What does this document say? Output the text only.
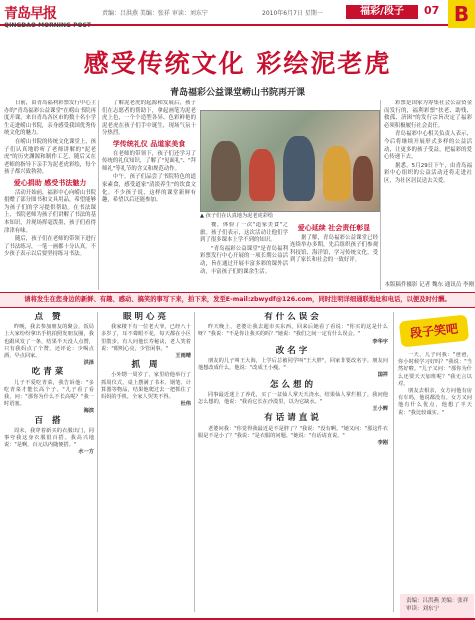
青岛早报
QINGDAO MORNING POST
责编：吕洪燕 美编：张祥 审读：刘东宁	2010年6月7日 星期一	福彩/段子	07 B
感受传统文化 彩绘泥老虎
青岛福彩公益课堂崂山书院再开课

日前，由青岛福利彩票发行中心主办的"青岛福彩公益课堂"在崂山书院再度开课，来自青岛各区市的数十名小学生走进崂山书院，亲身感受我国优秀传统文化的魅力。

在崂山书院的传统文化课堂上，孩子们认真地聆听了老师讲解的"泥老虎"的历史渊源和制作工艺，随后又在老师的指导下亲手为泥老虎彩绘，每个孩子都兴致勃勃。

爱心捐助 感受书法魅力

活动开始前，福彩中心向崂山书院捐赠了部分图书和文具用品，希望能够为孩子们的学习提供帮助。在书法课上，书院老师为孩子们讲解了书法的基本知识，并现场挥毫泼墨，孩子们看得津津有味。

随后，孩子们在老师的带领下进行了书法练习，一笔一画都十分认真，不少孩子表示以后要坚持练习书法。

了解泥老虎的起源和发展后，孩子们在志愿者的帮助下，拿起画笔为泥老虎上色，一个个造型各异、色彩鲜艳的泥老虎在孩子们手中诞生，现场气氛十分热烈。

学传统礼仪 品道家美食

在老师的带领下，孩子们还学习了传统的礼仪知识，了解了"见面礼"、"拜师礼"等礼节的含义和规范动作。

中午，孩子们品尝了书院特色的道家素食，感受道家"清淡养生"的饮食文化。不少孩子说，这样的课堂新鲜有趣，希望以后还能参加。

▲ 孩子们在认真地为泥老虎彩绘

餐，体验了一次"道家美食"之旅。孩子们表示，这次活动让他们学到了很多课本上学不到的知识。

"青岛福彩公益课堂"是青岛福利彩票发行中心开展的一项长期公益活动，旨在通过开展丰富多彩的课外活动，丰富孩子们的课余生活。

爱心延续 社会责任彰显

据了解，青岛福彩公益课堂已经连续举办多期，先后组织孩子们参观科技馆、海洋馆，学习传统文化，受到了家长和社会的一致好评。

彩票是国家为筹集社会公益资金而发行的，福利彩票"扶老、助残、救孤、济困"的发行宗旨决定了福彩必须积极履行社会责任。

青岛福彩中心相关负责人表示，今后将继续开展形式多样的公益活动，让更多的孩子受益，把福彩的爱心传递下去。

据悉，5月29日下午，由青岛福彩中心组织的公益活动还将走进社区，为社区居民送去关爱。

本版稿件摄影 记者 魏东 通讯员 李刚
请将发生在您身边的新鲜、有趣、感动、搞笑的事写下来，拍下来，发至E-mail:zbwydf@126.com，同时注明详细通联地址和电话，以便及时付酬。
点 赞

昨晚，我去参加朋友的聚会，饭局上大家纷纷拿出手机拍照发朋友圈，我也跟风发了一条，结果半天没人点赞，只有我妈点了个赞，还评论：少喝点酒，早点回家。

洪泽

吃青菜

儿子不爱吃青菜，我告诉他："多吃青菜才能长高个子。"儿子看了看我，问："那你为什么不长高呢？"我一时语塞。

海滨

百 搭

周末，我穿着新买的衣服出门，同事夸我这身衣服很百搭。我高兴地说："是啊，百元以内随便搭。"

水一方

眼明心亮

我家楼下有一位老大爷，已经八十多岁了，耳不聋眼不花，每天都在小区里散步。有人问他长寿秘诀，老人笑着说："眼明心亮，少管闲事。"

王雨晴

抓 周

小外甥一周岁了，家里给他举行了抓周仪式，桌上摆满了书本、钢笔、计算器等物品，结果他爬过去一把抓住了妈妈的手机，全家人哭笑不得。

杜伟

有什么误会

昨天晚上，老婆让我去超市买东西，回来后她看了看说："你买的这是什么呀？"我说："不是你让我买的吗？"她说："我们之间一定有什么误会。"

李华宇

改名字

朋友的儿子叫王大海，上学后总被同学叫"王大胖"，回家非要改名字。朋友问他想改成什么，他说："改成王小瘦。"

国祥

怎么想的

同事最近迷上了养花，买了一盆仙人掌天天浇水，结果仙人掌烂根了。我问他怎么想的，他说："我看它长在沙漠里，以为它缺水。"

王小辉

有话请直说

老婆问我："你觉得我最近是不是胖了？"我说："没有啊。"她又问："那这件衣服是不是小了？"我说："是衣服的问题。"她说："有话请直说。"

李刚

段子笑吧

一天，儿子问我："爸爸，你小时候学习好吗？"我说："当然好啦。"儿子又问："那你为什么还要天天加班呢？"我无言以对。

朋友去相亲，女方问他有房有车吗，他说都没有。女方又问他有什么优点，他想了半天说："我比较诚实。"

责编：吕洪燕 美编：张祥 审读：刘东宁
